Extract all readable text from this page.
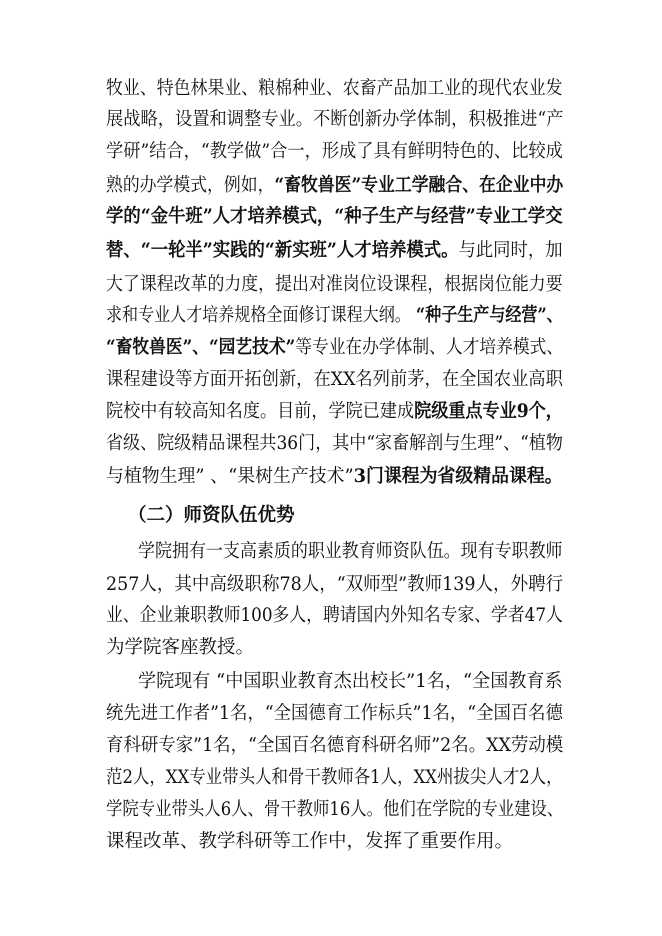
牧业、特色林果业、粮棉种业、农畜产品加工业的现代农业发
展战略，设置和调整专业。不断创新办学体制，积极推进“产
学研”结合，“教学做”合一，形成了具有鲜明特色的、比较成
熟的办学模式，例如，“畜牧兽医”专业工学融合、在企业中办
学的“金牛班”人才培养模式，“种子生产与经营”专业工学交
替、“一轮半”实践的“新实班”人才培养模式。与此同时，加
大了课程改革的力度，提出对准岗位设课程，根据岗位能力要
求和专业人才培养规格全面修订课程大纲。 “种子生产与经营”、
“畜牧兽医”、“园艺技术”等专业在办学体制、人才培养模式、
课程建设等方面开拓创新，在XX名列前茅，在全国农业高职
院校中有较高知名度。目前，学院已建成院级重点专业9个，
省级、院级精品课程共36门，其中“家畜解剖与生理”、“植物
与植物生理” 、“果树生产技术”3门课程为省级精品课程。
（二）师资队伍优势
学院拥有一支高素质的职业教育师资队伍。现有专职教师
257人，其中高级职称78人，“双师型”教师139人，外聘行
业、企业兼职教师100多人，聘请国内外知名专家、学者47人
为学院客座教授。
学院现有 “中国职业教育杰出校长”1名，“全国教育系
统先进工作者”1名，“全国德育工作标兵”1名，“全国百名德
育科研专家”1名，“全国百名德育科研名师”2名。XX劳动模
范2人，XX专业带头人和骨干教师各1人，XX州拔尖人才2人，
学院专业带头人6人、骨干教师16人。他们在学院的专业建设、
课程改革、教学科研等工作中，发挥了重要作用。
